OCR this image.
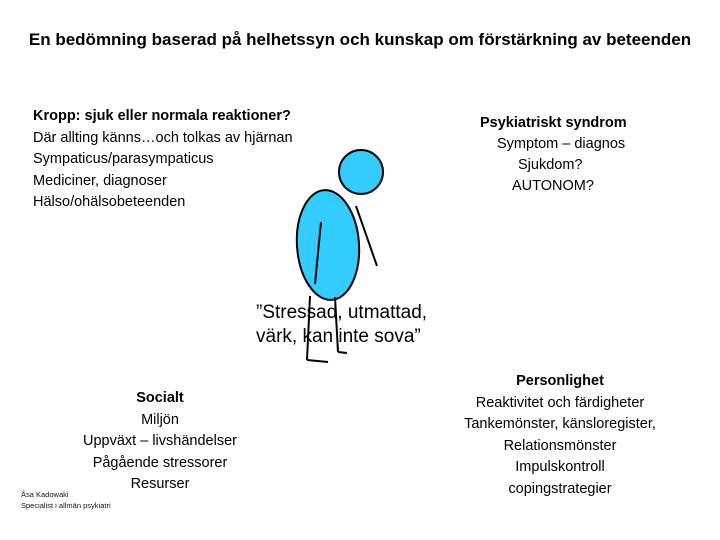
En bedömning baserad på helhetssyn och kunskap om förstärkning av beteenden
Kropp: sjuk eller normala reaktioner?
Där allting känns…och tolkas av hjärnan
Sympaticus/parasympaticus
Mediciner, diagnoser
Hälso/ohälsobeteenden
Psykiatriskt syndrom
Symptom – diagnos
Sjukdom?
AUTONOM?
”Stressad, utmattad,
värk, kan inte sova”
Socialt
Miljön
Uppväxt – livshändelser
Pågående stressorer
Resurser
Personlighet
Reaktivitet och färdigheter
Tankemönster, känsloregister,
Relationsmönster
Impulskontroll
copingstrategier
Åsa Kadowaki
Specialist i allmän psykiatri
